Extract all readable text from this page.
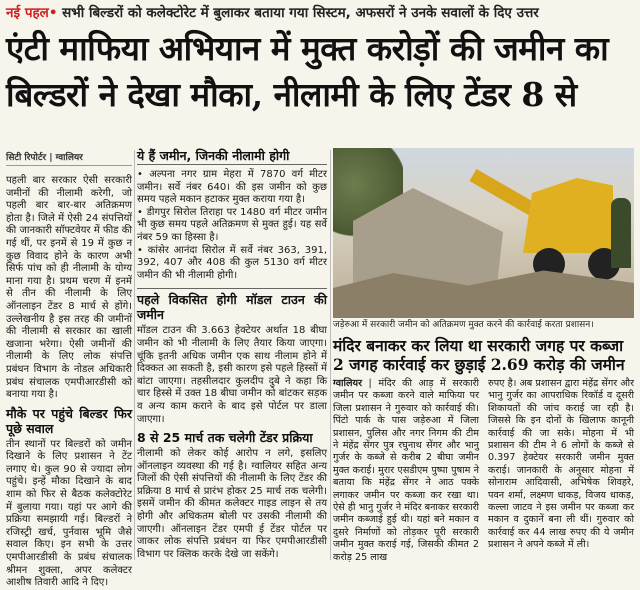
नई पहल• सभी बिल्डरों को कलेक्टोरेट में बुलाकर बताया गया सिस्टम, अफसरों ने उनके सवालों के दिए उत्तर
एंटी माफिया अभियान में मुक्त करोड़ों की जमीन का
बिल्डरों ने देखा मौका, नीलामी के लिए टेंडर 8 से
सिटी रिपोर्टर | ग्वालियर
पहली बार सरकार ऐसी सरकारी जमीनों की नीलामी करेगी, जो पहली बार बार-बार अतिक्रमण होता है। जिले में ऐसी 24 संपत्तियों की जानकारी सॉफ्टवेयर में फीड की गई थीं, पर इनमें से 19 में कुछ न कुछ विवाद होने के कारण अभी सिर्फ पांच को ही नीलामी के योग्य माना गया है। प्रथम चरण में इनमें से तीन की नीलामी के लिए ऑनलाइन टेंडर 8 मार्च से होंगे। उल्लेखनीय है इस तरह की जमीनों की नीलामी से सरकार का खाली खजाना भरेगा। ऐसी जमीनों की नीलामी के लिए लोक संपत्ति प्रबंधन विभाग के नोडल अधिकारी प्रबंध संचालक एमपीआरडीसी को बनाया गया है।
मौके पर पहुंचे बिल्डर फिर पूछे सवाल
तीन स्थानों पर बिल्डरों को जमीन दिखाने के लिए प्रशासन ने टेंट लगाए थे। कुल 90 से ज्यादा लोग पहुंचे। इन्हें मौका दिखाने के बाद शाम को फिर से बैठक कलेक्टोरेट में बुलाया गया। यहां पर आगे की प्रक्रिया समझायी गई। बिल्डरों ने रजिस्ट्री खर्च, पुर्नवास भूमि जैसे सवाल किए। इन सभी के उत्तर एमपीआरडीसी के प्रबंध संचालक श्रीमन शुक्ला, अपर कलेक्टर आशीष तिवारी आदि ने दिए।
ये हैं जमीन, जिनकी नीलामी होगी
• अल्पना नगर ग्राम मेहरा में 7870 वर्ग मीटर जमीन। सर्वे नंबर 640। की इस जमीन को कुछ समय पहले मकान हटाकर मुक्त कराया गया है।
• डीगपुर सिरोल तिराहा पर 1480 वर्ग मीटर जमीन भी कुछ समय पहले अतिक्रमण से मुक्त हुई। यह सर्वे नंबर 59 का हिस्सा है।
• कांसेर आनंदा सिरोल में सर्वे नंबर 363, 391, 392, 407 और 408 की कुल 5130 वर्ग मीटर जमीन की भी नीलामी होगी।
पहले विकसित होगी मॉडल टाउन की जमीन
मॉडल टाउन की 3.663 हेक्टेयर अर्थात 18 बीघा जमीन को भी नीलामी के लिए तैयार किया जाएगा। चूंकि इतनी अधिक जमीन एक साथ नीलाम होने में दिक्कत आ सकती है, इसी कारण इसे पहले हिस्सों में बांटा जाएगा। तहसीलदार कुलदीप दुबे ने कहा कि चार हिस्से में उक्त 18 बीघा जमीन को बांटकर सड़क व अन्य काम कराने के बाद इसे पोर्टल पर डाला जाएगा।
8 से 25 मार्च तक चलेगी टेंडर प्रक्रिया
नीलामी को लेकर कोई आरोप न लगे, इसलिए ऑनलाइन व्यवस्था की गई है। ग्वालियर सहित अन्य जिलों की ऐसी संपत्तियों की नीलामी के लिए टेंडर की प्रक्रिया 8 मार्च से प्रारंभ होकर 25 मार्च तक चलेगी। इसमें जमीन की कीमत कलेक्टर गाइड लाइन से तय होगी और अधिकतम बोली पर उसकी नीलामी की जाएगी। ऑनलाइन टेंडर एमपी ई टेंडर पोर्टल पर जाकर लोक संपत्ति प्रबंधन या फिर एमपीआरडीसी विभाग पर क्लिक करके देखे जा सकेंगे।
जड़ेरुआ में सरकारी जमीन को अतिक्रमण मुक्त करने की कार्रवाई करता प्रशासन।
मंदिर बनाकर कर लिया था सरकारी जगह पर कब्जा
2 जगह कार्रवाई कर छुड़ाई 2.69 करोड़ की जमीन
ग्वालियर | मंदिर की आड़ में सरकारी जमीन पर कब्जा करने वाले माफिया पर जिला प्रशासन ने गुरुवार को कार्रवाई की। पिंटो पार्क के पास जड़ेरुआ में जिला प्रशासन, पुलिस और नगर निगम की टीम ने मंहेंद्र सेंगर पुत्र रघुनाथ सेंगर और भानु गुर्जर के कब्जे से करीब 2 बीघा जमीन मुक्त कराई। मुरार एसडीएम पुष्पा पुषाम ने बताया कि मंहेंद्र सेंगर ने आठ पक्के लगाकर जमीन पर कब्जा कर रखा था। ऐसे ही भानु गुर्जर ने मंदिर बनाकर सरकारी जमीन कब्जाई हुई थी। यहां बने मकान व दुसरे निर्माणों को तोड़कर पूरी सरकारी जमीन मुक्त कराई गई, जिसकी कीमत 2 करोड़ 25 लाख
रुपए है। अब प्रशासन द्वारा मंहेंद्र सेंगर और भानु गुर्जर का आपराधिक रिकॉर्ड व दूसरी शिकायतों की जांच कराई जा रही है। जिससे कि इन दोनों के खिलाफ कानूनी कार्रवाई की जा सके। मोहना में भी प्रशासन की टीम ने 6 लोगों के कब्जे से 0.397 हेक्टेयर सरकारी जमीन मुक्त कराई। जानकारी के अनुसार मोहना में सोनाराम आदिवासी, अभिषेक शिवहरे, पवन शर्मा, लक्ष्मण धाकड़, विजय धाकड़, कल्ला जाटव ने इस जमीन पर कब्जा कर मकान व दुकानें बना ली थीं। गुरुवार को कार्रवाई कर 44 लाख रुपए की ये जमीन प्रशासन ने अपने कब्जे में ली।
